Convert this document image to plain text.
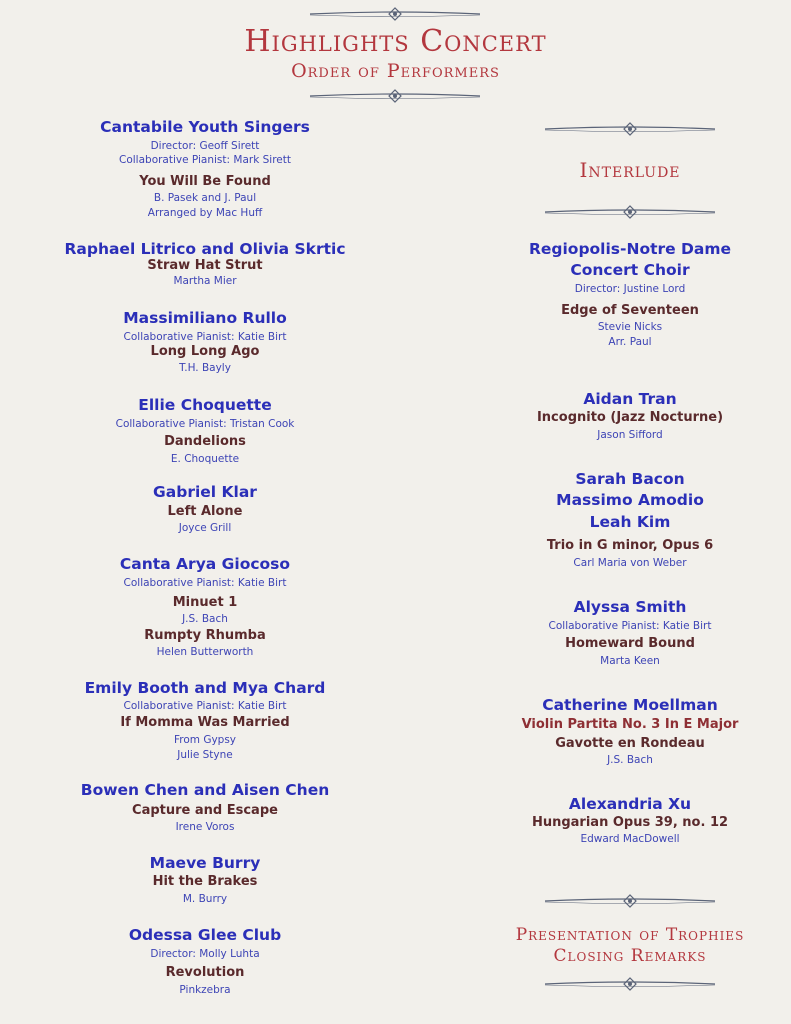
Highlights Concert
Order of Performers
Cantabile Youth Singers
Director: Geoff Sirett
Collaborative Pianist: Mark Sirett
You Will Be Found
B. Pasek and J. Paul
Arranged by Mac Huff
Raphael Litrico and Olivia Skrtic
Straw Hat Strut
Martha Mier
Massimiliano Rullo
Collaborative Pianist: Katie Birt
Long Long Ago
T.H. Bayly
Ellie Choquette
Collaborative Pianist: Tristan Cook
Dandelions
E. Choquette
Gabriel Klar
Left Alone
Joyce Grill
Canta Arya Giocoso
Collaborative Pianist: Katie Birt
Minuet 1
J.S. Bach
Rumpty Rhumba
Helen Butterworth
Emily Booth and Mya Chard
Collaborative Pianist: Katie Birt
If Momma Was Married
From Gypsy
Julie Styne
Bowen Chen and Aisen Chen
Capture and Escape
Irene Voros
Maeve Burry
Hit the Brakes
M. Burry
Odessa Glee Club
Director: Molly Luhta
Revolution
Pinkzebra
Regiopolis-Notre Dame
Concert Choir
Director: Justine Lord
Edge of Seventeen
Stevie Nicks
Arr. Paul
Aidan Tran
Incognito (Jazz Nocturne)
Jason Sifford
Sarah Bacon
Massimo Amodio
Leah Kim
Trio in G minor, Opus 6
Carl Maria von Weber
Alyssa Smith
Collaborative Pianist: Katie Birt
Homeward Bound
Marta Keen
Catherine Moellman
Violin Partita No. 3 In E Major
Gavotte en Rondeau
J.S. Bach
Alexandria Xu
Hungarian Opus 39, no. 12
Edward MacDowell
Interlude
Presentation of Trophies
Closing Remarks
